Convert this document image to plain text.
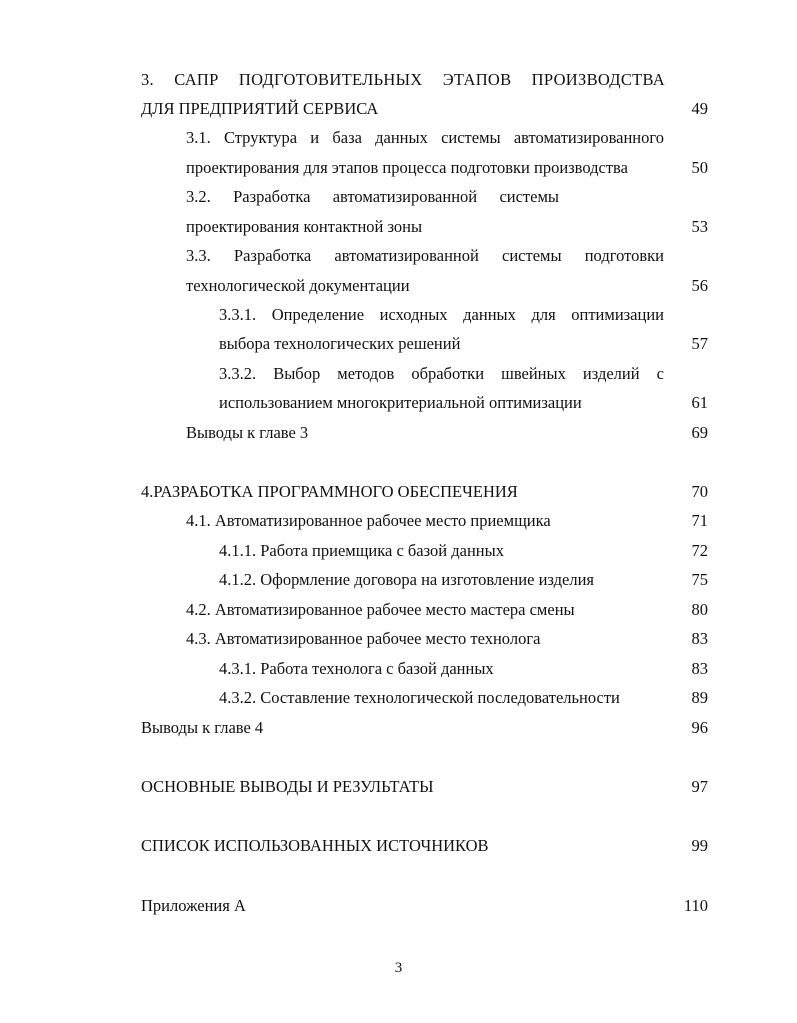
3. САПР ПОДГОТОВИТЕЛЬНЫХ ЭТАПОВ ПРОИЗВОДСТВА
ДЛЯ ПРЕДПРИЯТИЙ СЕРВИСА	49
3.1. Структура и база данных системы автоматизированного
проектирования для этапов процесса подготовки производства	50
3.2. Разработка автоматизированной системы
проектирования контактной зоны	53
3.3. Разработка автоматизированной системы подготовки
технологической документации	56
3.3.1. Определение исходных данных для оптимизации
выбора технологических решений	57
3.3.2. Выбор методов обработки швейных изделий с
использованием многокритериальной оптимизации	61
Выводы к главе 3	69
4.РАЗРАБОТКА ПРОГРАММНОГО ОБЕСПЕЧЕНИЯ	70
4.1. Автоматизированное рабочее место приемщика	71
4.1.1. Работа приемщика с базой данных	72
4.1.2. Оформление договора на изготовление изделия	75
4.2. Автоматизированное рабочее место мастера смены	80
4.3. Автоматизированное рабочее место технолога	83
4.3.1. Работа технолога с базой данных	83
4.3.2. Составление технологической последовательности	89
Выводы к главе 4	96
ОСНОВНЫЕ ВЫВОДЫ И РЕЗУЛЬТАТЫ	97
СПИСОК ИСПОЛЬЗОВАННЫХ ИСТОЧНИКОВ	99
Приложения А	110
3
